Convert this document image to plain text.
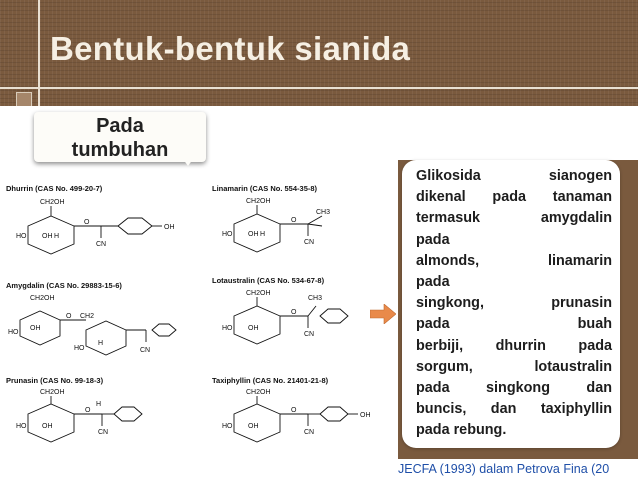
Bentuk-bentuk sianida
Dhurrin (CAS No. 499-20-7)	Linamarin (CAS No. 554-35-8)
Amygdalin (CAS No. 29883-15-6)
Lotaustralin (CAS No. 534-67-8)
Prunasin (CAS No. 99-18-3)	Taxiphyllin (CAS No. 21401-21-8)
CH2OH
HO OH H
O
CN
OH
CH2OH
HO OH H
O
CN
CH3
CH2OH
HO
OH
O CH2
HO
H
CN
CH2OH
HO OH
O
CN
CH3
CH2OH
HO OH
H
O
CN
CH2OH
HO OH
O
CN
OH
Pada
tumbuhan
Glikosida sianogen
dikenal pada tanaman
termasuk amygdalin
pada
almonds, linamarin
pada
singkong, prunasin
pada buah
berbiji, dhurrin pada
sorgum, lotaustralin
pada singkong dan
buncis, dan taxiphyllin
pada rebung.
JECFA (1993) dalam Petrova Fina (20
